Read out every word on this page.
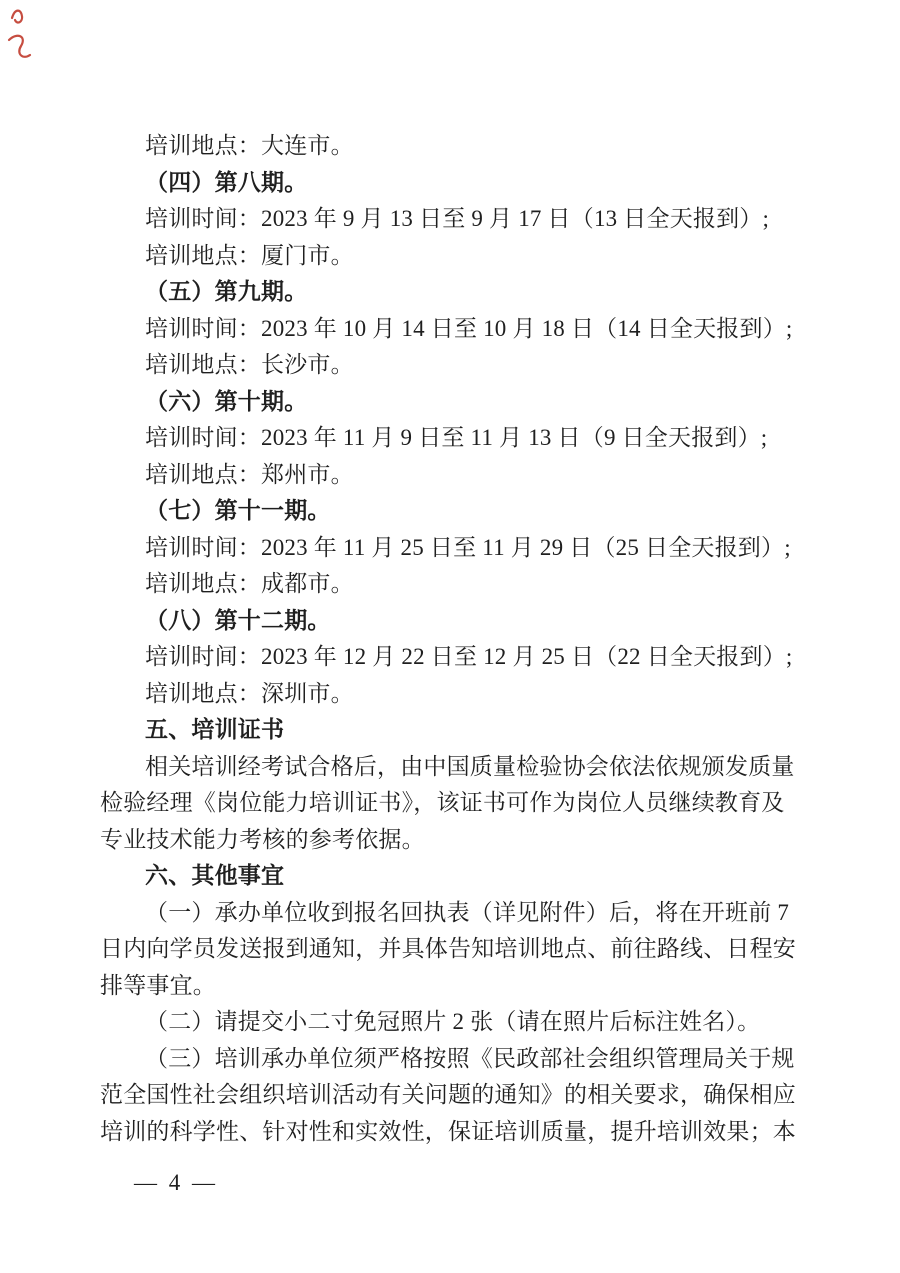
培训地点：大连市。
（四）第八期。
培训时间：2023 年 9 月 13 日至 9 月 17 日（13 日全天报到）;
培训地点：厦门市。
（五）第九期。
培训时间：2023 年 10 月 14 日至 10 月 18 日（14 日全天报到）;
培训地点：长沙市。
（六）第十期。
培训时间：2023 年 11 月 9 日至 11 月 13 日（9 日全天报到）;
培训地点：郑州市。
（七）第十一期。
培训时间：2023 年 11 月 25 日至 11 月 29 日（25 日全天报到）;
培训地点：成都市。
（八）第十二期。
培训时间：2023 年 12 月 22 日至 12 月 25 日（22 日全天报到）;
培训地点：深圳市。
五、培训证书
相关培训经考试合格后，由中国质量检验协会依法依规颁发质量
检验经理《岗位能力培训证书》，该证书可作为岗位人员继续教育及
专业技术能力考核的参考依据。
六、其他事宜
（一）承办单位收到报名回执表（详见附件）后，将在开班前 7
日内向学员发送报到通知，并具体告知培训地点、前往路线、日程安
排等事宜。
（二）请提交小二寸免冠照片 2 张（请在照片后标注姓名）。
（三）培训承办单位须严格按照《民政部社会组织管理局关于规
范全国性社会组织培训活动有关问题的通知》的相关要求，确保相应
培训的科学性、针对性和实效性，保证培训质量，提升培训效果；本
— 4 —
